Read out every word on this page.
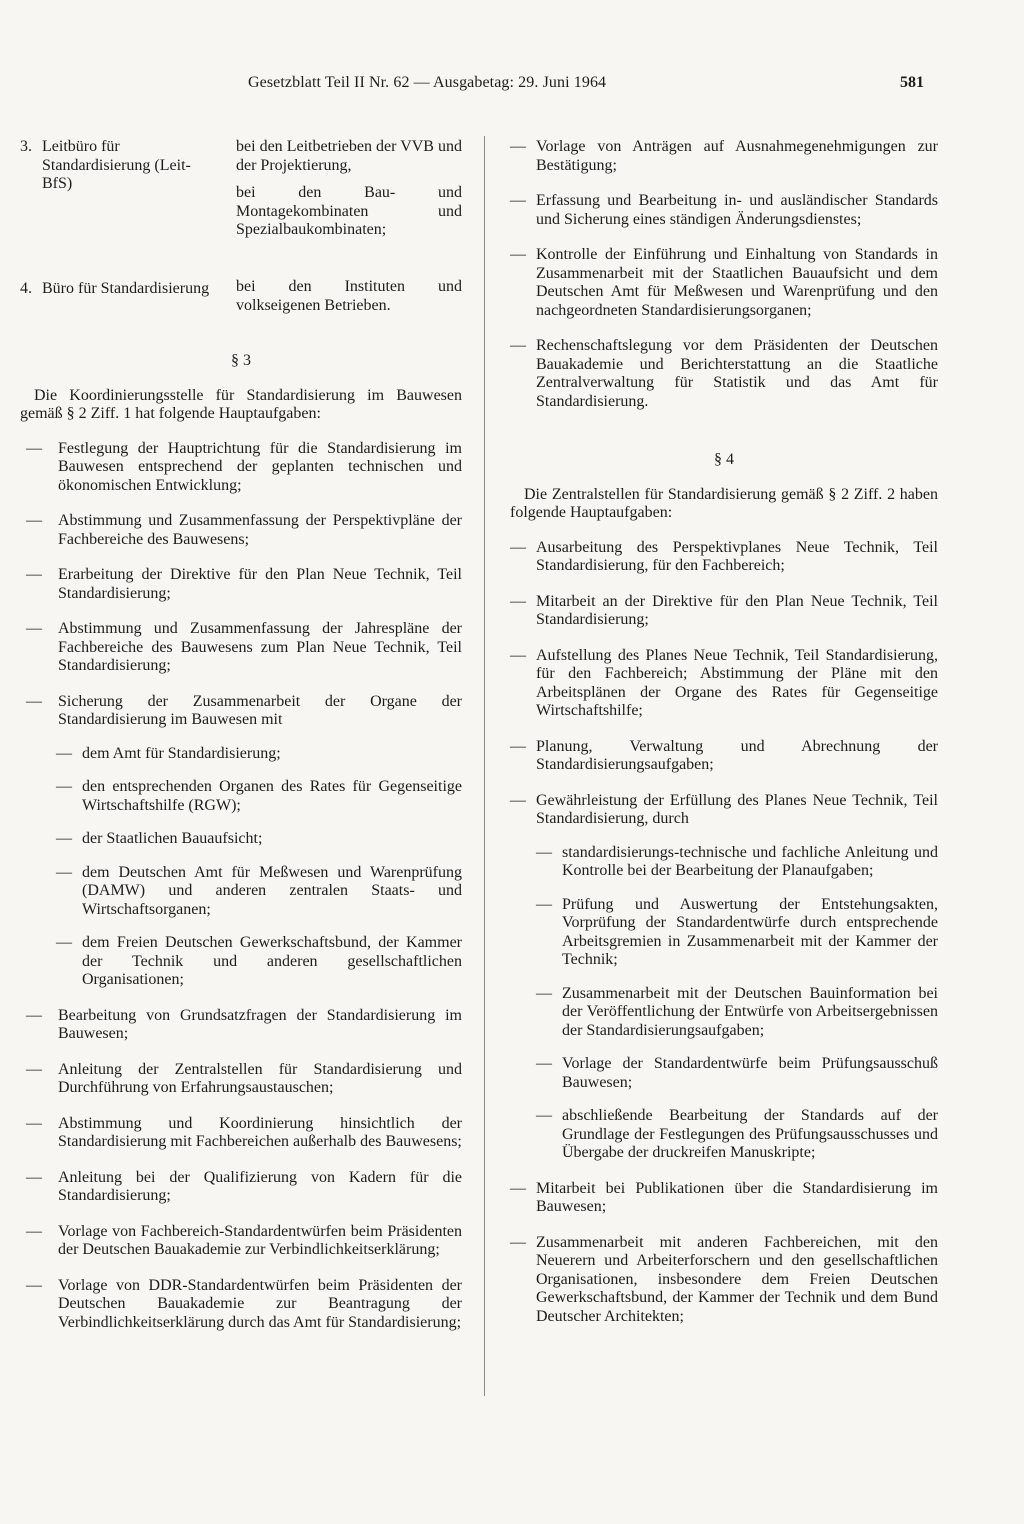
Gesetzblatt Teil II Nr. 62 — Ausgabetag: 29. Juni 1964	581
3. Leitbüro für Standardisierung (Leit-BfS)

bei den Leitbetrieben der VVB und der Projektierung,

bei den Bau- und Montagekombinaten und Spezialbaukombinaten;

4. Büro für Standardisierung bei den Instituten und volkseigenen Betrieben.

§ 3

Die Koordinierungsstelle für Standardisierung im Bauwesen gemäß § 2 Ziff. 1 hat folgende Hauptaufgaben:

— Festlegung der Hauptrichtung für die Standardisierung im Bauwesen entsprechend der geplanten technischen und ökonomischen Entwicklung;
— Abstimmung und Zusammenfassung der Perspektivpläne der Fachbereiche des Bauwesens;
— Erarbeitung der Direktive für den Plan Neue Technik, Teil Standardisierung;
— Abstimmung und Zusammenfassung der Jahrespläne der Fachbereiche des Bauwesens zum Plan Neue Technik, Teil Standardisierung;
— Sicherung der Zusammenarbeit der Organe der Standardisierung im Bauwesen mit
— dem Amt für Standardisierung;
— den entsprechenden Organen des Rates für Gegenseitige Wirtschaftshilfe (RGW);
— der Staatlichen Bauaufsicht;
— dem Deutschen Amt für Meßwesen und Warenprüfung (DAMW) und anderen zentralen Staats- und Wirtschaftsorganen;
— dem Freien Deutschen Gewerkschaftsbund, der Kammer der Technik und anderen gesellschaftlichen Organisationen;
— Bearbeitung von Grundsatzfragen der Standardisierung im Bauwesen;
— Anleitung der Zentralstellen für Standardisierung und Durchführung von Erfahrungsaustauschen;
— Abstimmung und Koordinierung hinsichtlich der Standardisierung mit Fachbereichen außerhalb des Bauwesens;
— Anleitung bei der Qualifizierung von Kadern für die Standardisierung;
— Vorlage von Fachbereich-Standardentwürfen beim Präsidenten der Deutschen Bauakademie zur Verbindlichkeitserklärung;
— Vorlage von DDR-Standardentwürfen beim Präsidenten der Deutschen Bauakademie zur Beantragung der Verbindlichkeitserklärung durch das Amt für Standardisierung;
— Vorlage von Anträgen auf Ausnahmegenehmigungen zur Bestätigung;
— Erfassung und Bearbeitung in- und ausländischer Standards und Sicherung eines ständigen Änderungsdienstes;
— Kontrolle der Einführung und Einhaltung von Standards in Zusammenarbeit mit der Staatlichen Bauaufsicht und dem Deutschen Amt für Meßwesen und Warenprüfung und den nachgeordneten Standardisierungsorganen;
— Rechenschaftslegung vor dem Präsidenten der Deutschen Bauakademie und Berichterstattung an die Staatliche Zentralverwaltung für Statistik und das Amt für Standardisierung.

§ 4

Die Zentralstellen für Standardisierung gemäß § 2 Ziff. 2 haben folgende Hauptaufgaben:

— Ausarbeitung des Perspektivplanes Neue Technik, Teil Standardisierung, für den Fachbereich;
— Mitarbeit an der Direktive für den Plan Neue Technik, Teil Standardisierung;
— Aufstellung des Planes Neue Technik, Teil Standardisierung, für den Fachbereich; Abstimmung der Pläne mit den Arbeitsplänen der Organe des Rates für Gegenseitige Wirtschaftshilfe;
— Planung, Verwaltung und Abrechnung der Standardisierungsaufgaben;
— Gewährleistung der Erfüllung des Planes Neue Technik, Teil Standardisierung, durch
— standardisierungs-technische und fachliche Anleitung und Kontrolle bei der Bearbeitung der Planaufgaben;
— Prüfung und Auswertung der Entstehungsakten, Vorprüfung der Standardentwürfe durch entsprechende Arbeitsgremien in Zusammenarbeit mit der Kammer der Technik;
— Zusammenarbeit mit der Deutschen Bauinformation bei der Veröffentlichung der Entwürfe von Arbeitsergebnissen der Standardisierungsaufgaben;
— Vorlage der Standardentwürfe beim Prüfungsausschuß Bauwesen;
— abschließende Bearbeitung der Standards auf der Grundlage der Festlegungen des Prüfungsausschusses und Übergabe der druckreifen Manuskripte;
— Mitarbeit bei Publikationen über die Standardisierung im Bauwesen;
— Zusammenarbeit mit anderen Fachbereichen, mit den Neuerern und Arbeiterforschern und den gesellschaftlichen Organisationen, insbesondere dem Freien Deutschen Gewerkschaftsbund, der Kammer der Technik und dem Bund Deutscher Architekten;
